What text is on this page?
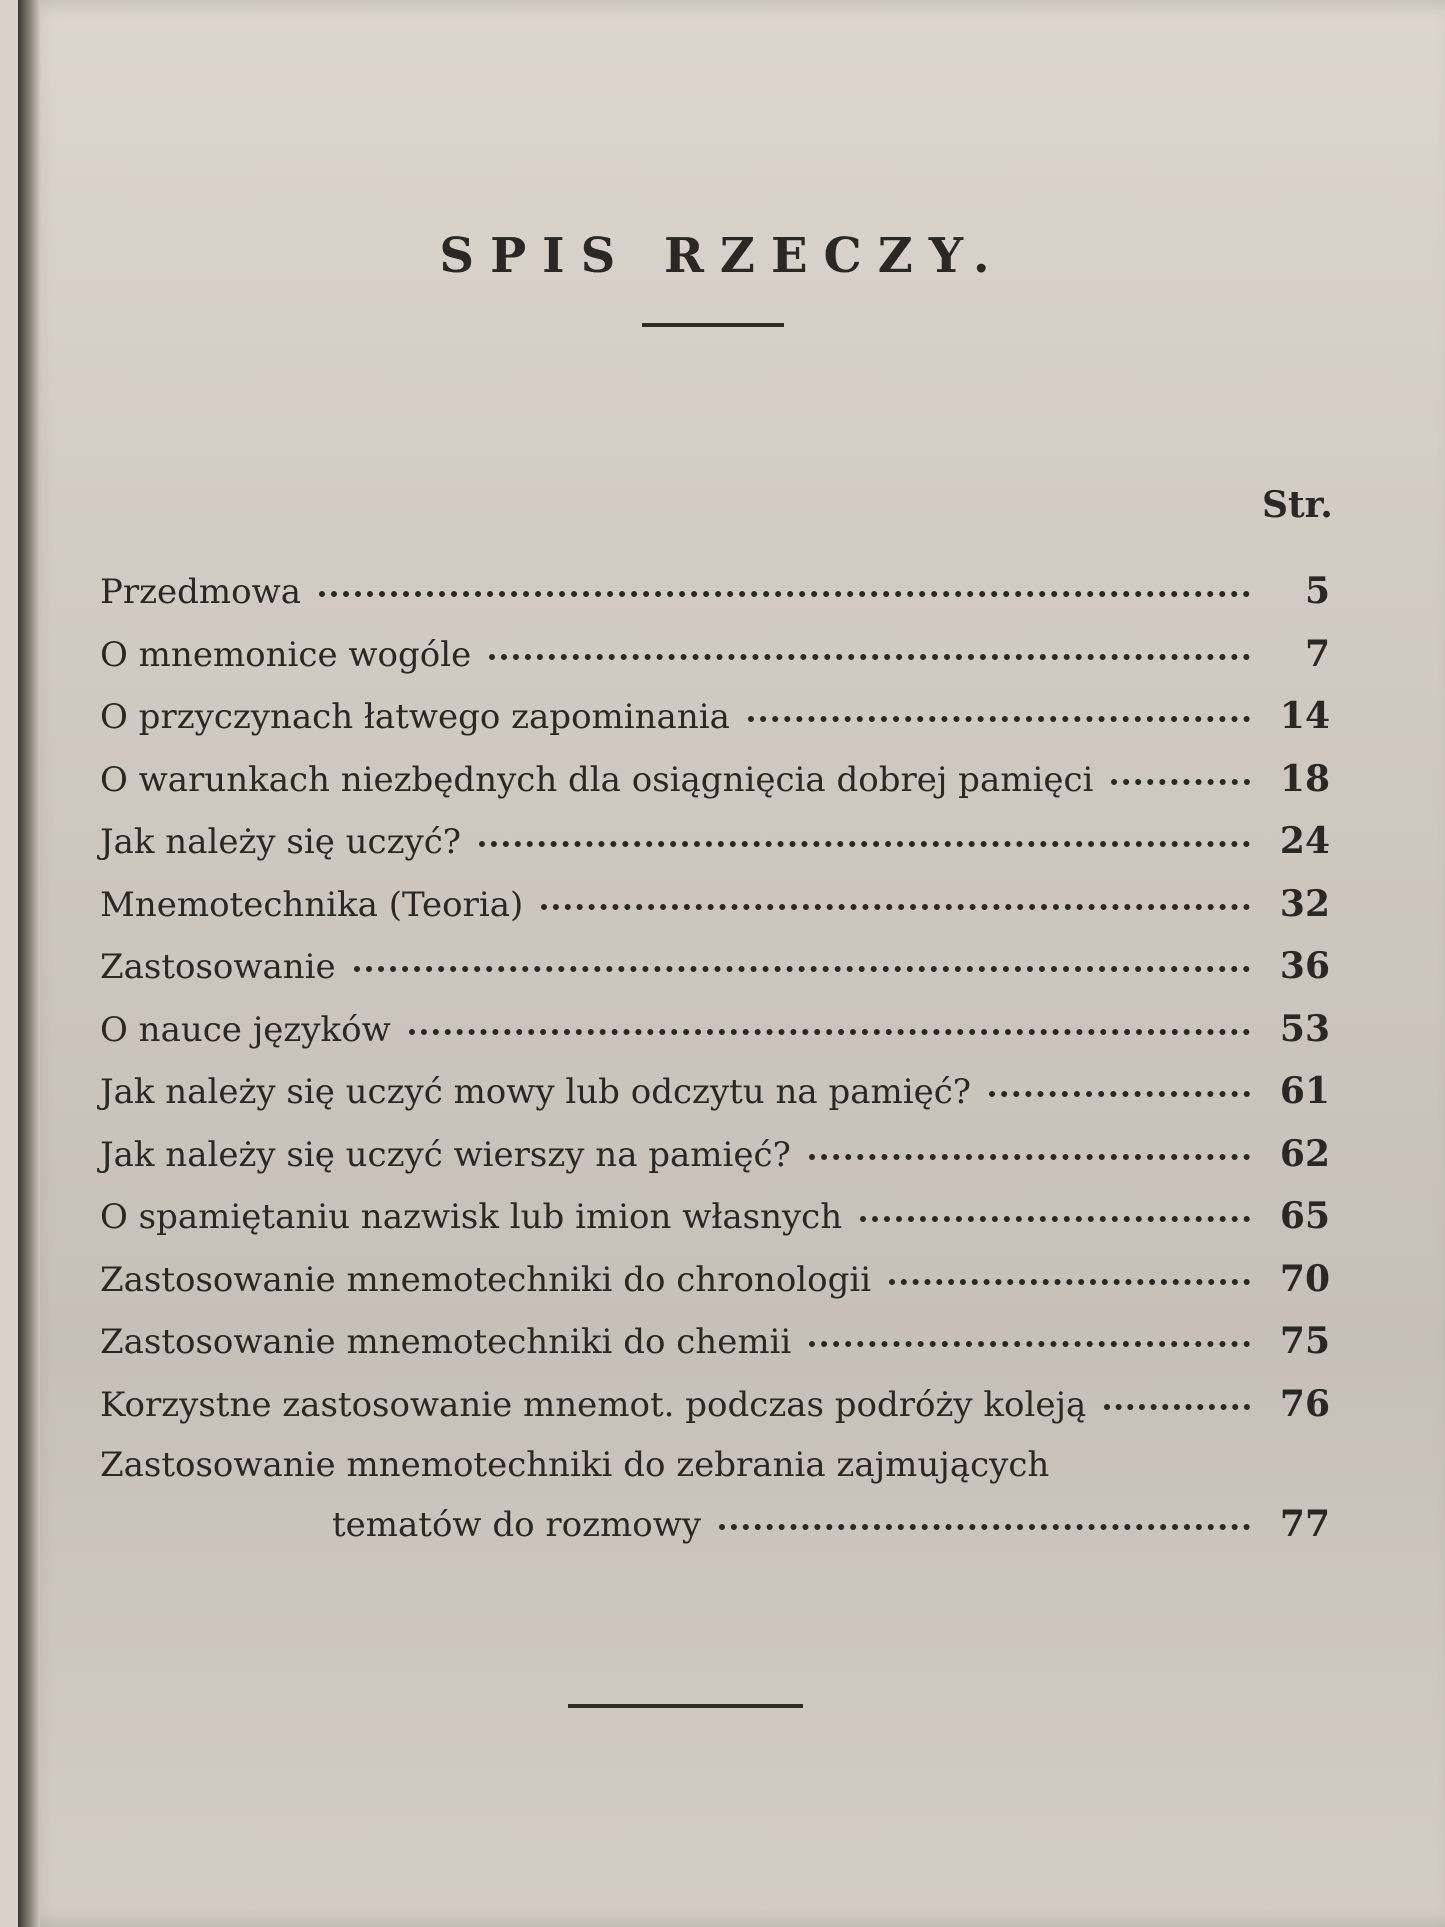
SPIS RZECZY.
Str.
Przedmowa	5
O mnemonice wogóle	7
O przyczynach łatwego zapominania	14
O warunkach niezbędnych dla osiągnięcia dobrej pamięci	18
Jak należy się uczyć?	24
Mnemotechnika (Teoria)	32
Zastosowanie	36
O nauce języków	53
Jak należy się uczyć mowy lub odczytu na pamięć?	61
Jak należy się uczyć wierszy na pamięć?	62
O spamiętaniu nazwisk lub imion własnych	65
Zastosowanie mnemotechniki do chronologii	70
Zastosowanie mnemotechniki do chemii	75
Korzystne zastosowanie mnemot. podczas podróży koleją	76
Zastosowanie mnemotechniki do zebrania zajmujących
tematów do rozmowy	77
